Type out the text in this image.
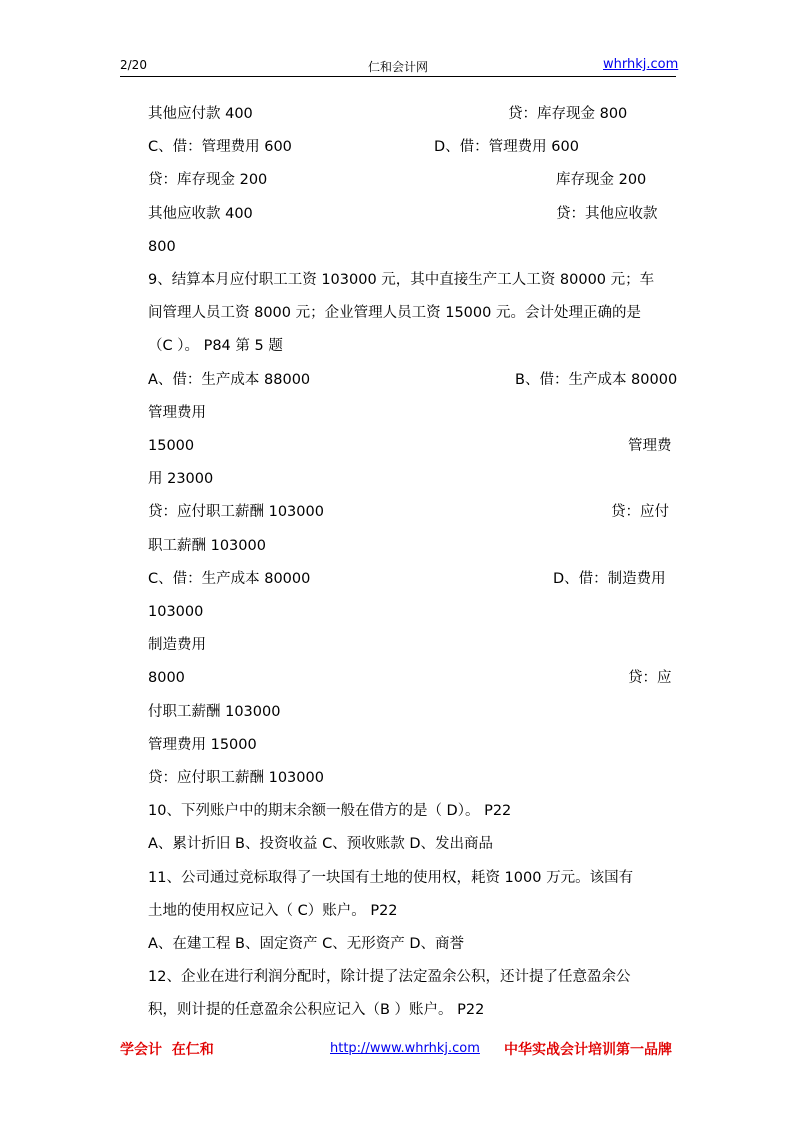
2/20	仁和会计网	whrhkj.com
其他应付款 400	贷：库存现金 800
C、借：管理费用 600	D、借：管理费用 600
贷：库存现金 200	库存现金 200
其他应收款 400	贷：其他应收款
800
9、结算本月应付职工工资 103000 元，其中直接生产工人工资 80000 元；车
间管理人员工资 8000 元；企业管理人员工资 15000 元。会计处理正确的是
（C ）。 P84 第 5 题
A、借：生产成本 88000	B、借：生产成本 80000
管理费用
15000	管理费
用 23000
贷：应付职工薪酬 103000	贷：应付
职工薪酬 103000
C、借：生产成本 80000	D、借：制造费用
103000
制造费用
8000	贷：应
付职工薪酬 103000
管理费用 15000
贷：应付职工薪酬 103000
10、下列账户中的期末余额一般在借方的是（ D）。 P22
A、累计折旧 B、投资收益 C、预收账款 D、发出商品
11、公司通过竞标取得了一块国有土地的使用权，耗资 1000 万元。该国有
土地的使用权应记入（ C）账户。 P22
A、在建工程 B、固定资产 C、无形资产 D、商誉
12、企业在进行利润分配时，除计提了法定盈余公积，还计提了任意盈余公
积，则计提的任意盈余公积应记入（B ）账户。 P22
学会计  在仁和	http://www.whrhkj.com 中华实战会计培训第一品牌
